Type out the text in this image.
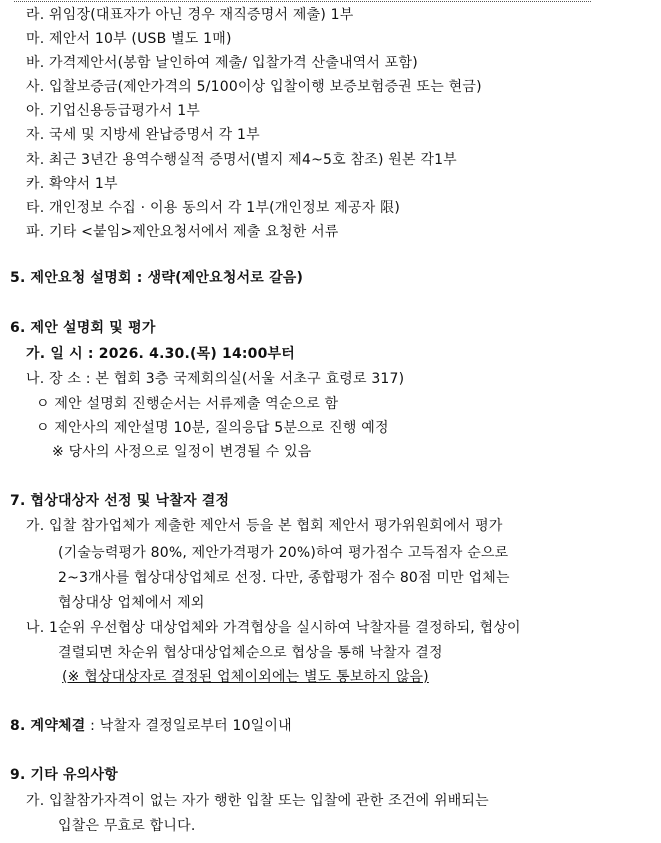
라. 위임장(대표자가 아닌 경우 재직증명서 제출) 1부
마. 제안서 10부 (USB 별도 1매)
바. 가격제안서(봉함 날인하여 제출/ 입찰가격 산출내역서 포함)
사. 입찰보증금(제안가격의 5/100이상 입찰이행 보증보험증권 또는 현금)
아. 기업신용등급평가서 1부
자. 국세 및 지방세 완납증명서 각 1부
차. 최근 3년간 용역수행실적 증명서(별지 제4~5호 참조) 원본 각1부
카. 확약서 1부
타. 개인정보 수집 · 이용 동의서 각 1부(개인정보 제공자 限)
파. 기타 <붙임>제안요청서에서 제출 요청한 서류
5. 제안요청 설명회 : 생략(제안요청서로 갈음)
6. 제안 설명회 및 평가
가. 일 시 : 2026. 4.30.(목) 14:00부터
나. 장 소 : 본 협회 3층 국제회의실(서울 서초구 효령로 317)
ㅇ 제안 설명회 진행순서는 서류제출 역순으로 함
ㅇ 제안사의 제안설명 10분, 질의응답 5분으로 진행 예정
※ 당사의 사정으로 일정이 변경될 수 있음
7. 협상대상자 선정 및 낙찰자 결정
가. 입찰 참가업체가 제출한 제안서 등을 본 협회 제안서 평가위원회에서 평가
(기술능력평가 80%, 제안가격평가 20%)하여 평가점수 고득점자 순으로
2~3개사를 협상대상업체로 선정. 다만, 종합평가 점수 80점 미만 업체는
협상대상 업체에서 제외
나. 1순위 우선협상 대상업체와 가격협상을 실시하여 낙찰자를 결정하되, 협상이
결렬되면 차순위 협상대상업체순으로 협상을 통해 낙찰자 결정
(※ 협상대상자로 결정된 업체이외에는 별도 통보하지 않음)
8. 계약체결 : 낙찰자 결정일로부터 10일이내
9. 기타 유의사항
가. 입찰참가자격이 없는 자가 행한 입찰 또는 입찰에 관한 조건에 위배되는
입찰은 무효로 합니다.
